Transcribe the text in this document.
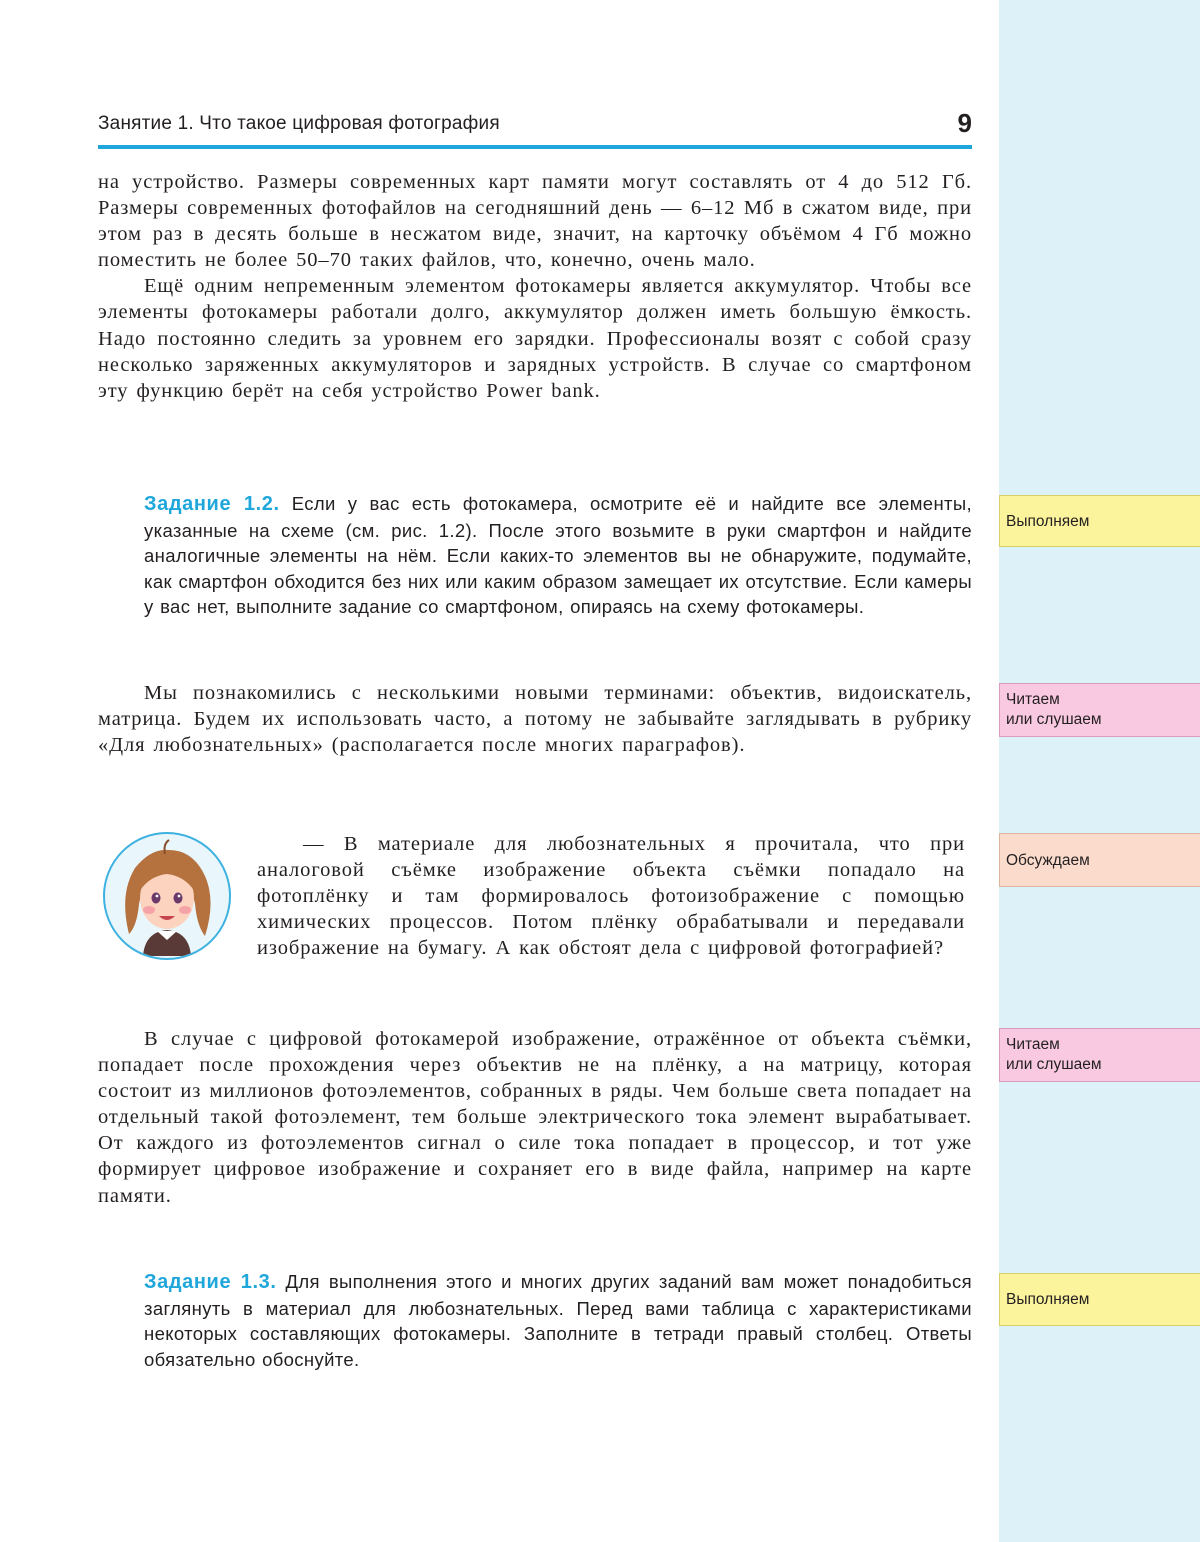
Занятие 1. Что такое цифровая фотография	9

на устройство. Размеры современных карт памяти могут составлять от 4 до 512 Гб. Размеры современных фотофайлов на сегодняшний день — 6–12 Мб в сжатом виде, при этом раз в десять больше в несжатом виде, значит, на карточку объёмом 4 Гб можно поместить не более 50–70 таких файлов, что, конечно, очень мало.

Ещё одним непременным элементом фотокамеры является аккумулятор. Чтобы все элементы фотокамеры работали долго, аккумулятор должен иметь большую ёмкость. Надо постоянно следить за уровнем его зарядки. Профессионалы возят с собой сразу несколько заряженных аккумуляторов и зарядных устройств. В случае со смартфоном эту функцию берёт на себя устройство Power bank.

Задание 1.2. Если у вас есть фотокамера, осмотрите её и найдите все элементы, указанные на схеме (см. рис. 1.2). После этого возьмите в руки смартфон и найдите аналогичные элементы на нём. Если каких-то элементов вы не обнаружите, подумайте, как смартфон обходится без них или каким образом замещает их отсутствие. Если камеры у вас нет, выполните задание со смартфоном, опираясь на схему фотокамеры.

Мы познакомились с несколькими новыми терминами: объектив, видоискатель, матрица. Будем их использовать часто, а потому не забывайте заглядывать в рубрику «Для любознательных» (располагается после многих параграфов).

— В материале для любознательных я прочитала, что при аналоговой съёмке изображение объекта съёмки попадало на фотоплёнку и там формировалось фотоизображение с помощью химических процессов. Потом плёнку обрабатывали и передавали изображение на бумагу. А как обстоят дела с цифровой фотографией?

В случае с цифровой фотокамерой изображение, отражённое от объекта съёмки, попадает после прохождения через объектив не на плёнку, а на матрицу, которая состоит из миллионов фотоэлементов, собранных в ряды. Чем больше света попадает на отдельный такой фотоэлемент, тем больше электрического тока элемент вырабатывает. От каждого из фотоэлементов сигнал о силе тока попадает в процессор, и тот уже формирует цифровое изображение и сохраняет его в виде файла, например на карте памяти.

Задание 1.3. Для выполнения этого и многих других заданий вам может понадобиться заглянуть в материал для любознательных. Перед вами таблица с характеристиками некоторых составляющих фотокамеры. Заполните в тетради правый столбец. Ответы обязательно обоснуйте.
Выполняем
Читаем
или слушаем
Обсуждаем
Читаем
или слушаем
Выполняем
